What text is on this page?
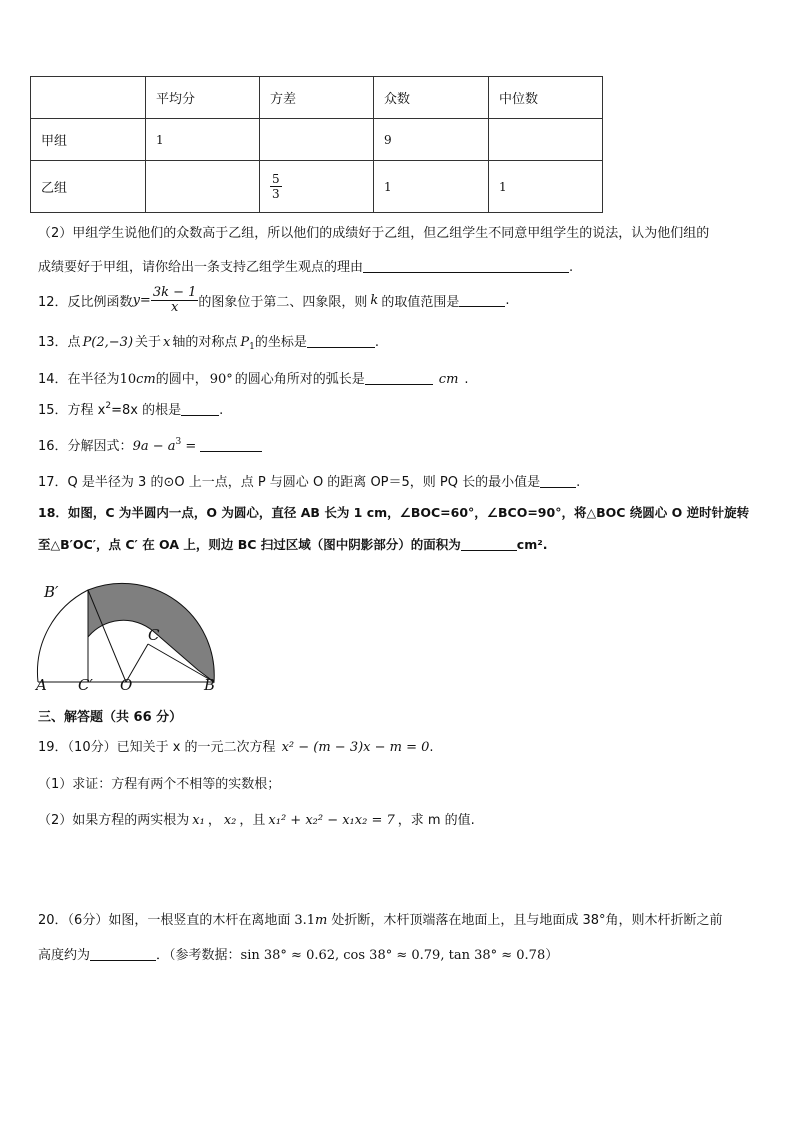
	平均分	方差	众数	中位数
甲组	1		9	
乙组		$\frac{5}{3}$	1	1
（2）甲组学生说他们的众数高于乙组，所以他们的成绩好于乙组，但乙组学生不同意甲组学生的说法，认为他们组的
成绩要好于甲组，请你给出一条支持乙组学生观点的理由	.
12． 反比例函数 $y = \frac{3k - 1}{x}$ 的图象位于第二、四象限，则 k 的取值范围是	.
13．点 P(2,−3) 关于 x 轴的对称点 $P_1$的坐标是	.
14．在半径为10cm的圆中， 90° 的圆心角所对的弧长是	cm .
15．方程 $x^2=8x$ 的根是	.
16．分解因式：$9a - a^3$ =
17．Q 是半径为 3 的⊙O 上一点，点 P 与圆心 O 的距离 OP＝5，则 PQ 长的最小值是	.
18．如图，C 为半圆内一点，O 为圆心，直径 AB 长为 1 cm，∠BOC=60°，∠BCO=90°，将△BOC 绕圆心 O 逆时针旋转
至△B′OC′，点 C′ 在 OA 上，则边 BC 扫过区域（图中阴影部分）的面积为	cm².
B′
C
A C′ O	B
三、解答题（共 66 分）
19．（10分）已知关于 x 的一元二次方程 x² − (m − 3)x − m = 0.
（1）求证：方程有两个不相等的实数根；
（2）如果方程的两实根为 x₁ ， x₂ ，且 x₁² + x₂² − x₁x₂ = 7 ，求 m 的值.
20．（6分）如图，一根竖直的木杆在离地面 3.1m 处折断，木杆顶端落在地面上，且与地面成 38°角，则木杆折断之前
高度约为	．（参考数据：sin 38° ≈ 0.62, cos 38° ≈ 0.79, tan 38° ≈ 0.78）
